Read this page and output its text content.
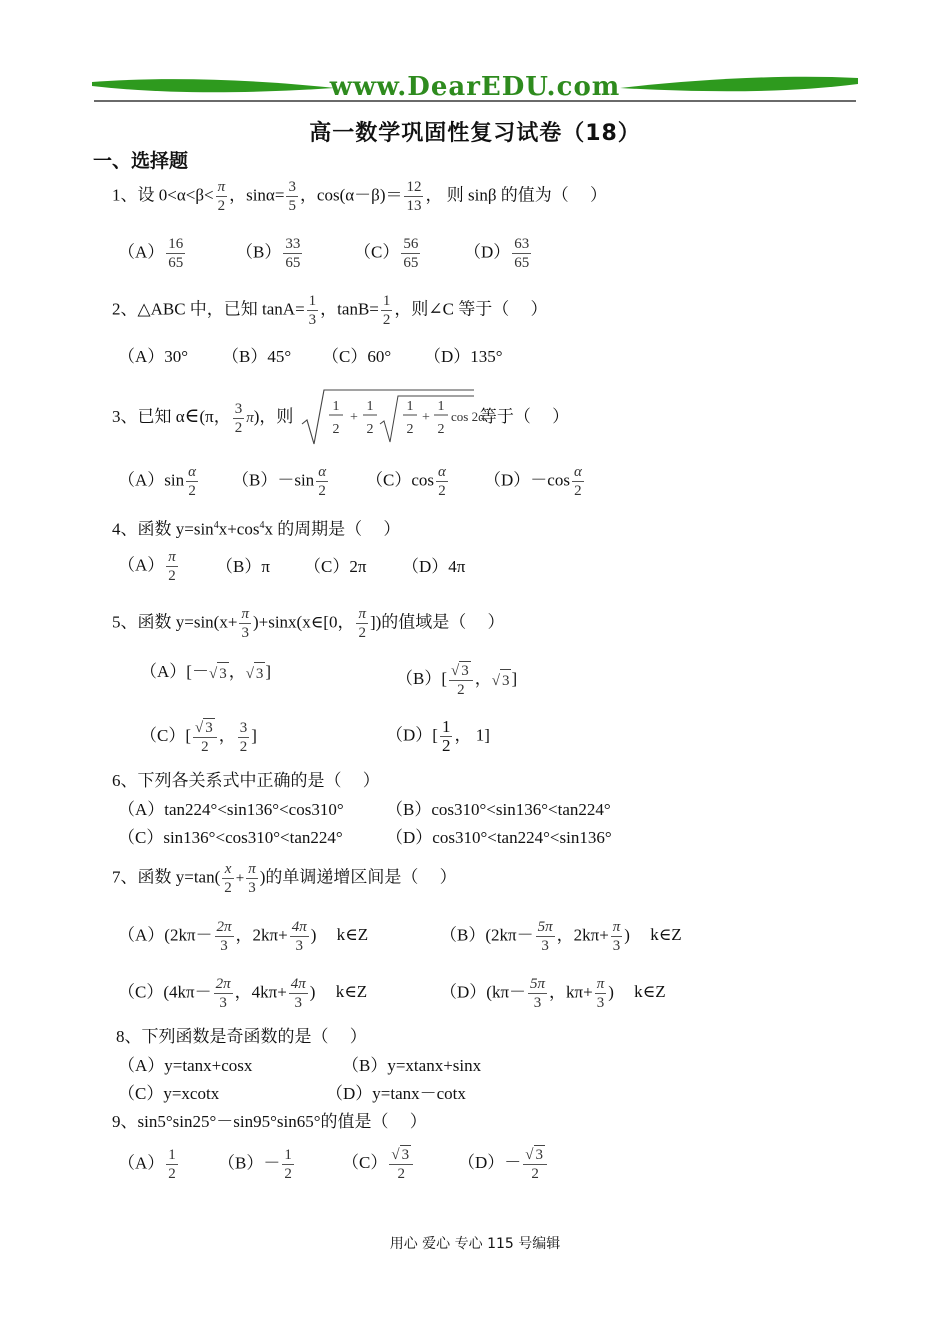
www.DearEDU.com
高一数学巩固性复习试卷（18）
一、选择题
1、设 $0<\alpha<\beta< \frac{\pi}{2}$ ，$\sin\alpha= \frac{3}{5}$ ，$\cos(\alpha-\beta)= \frac{12}{13}$ ， 则 sinβ 的值为（　 ）
$(A) \frac{16}{65}$	$(B) \frac{33}{65}$	$(C) \frac{56}{65}$	$(D) \frac{63}{65}$
2、△ABC 中，已知 $\tan A= \frac{1}{3}$ ，$\tan B= \frac{1}{2}$ ，则∠C 等于（　 ）
（A）30° （B）45° （C）60° （D）135°
3、已知 α∈(π， $\frac{3}{2} \pi$)，则
1
2
+
1
2
1
2
+
1
2
cos 2α
等于（　 ）
$(A)\sin \frac{\alpha}{2} (B)-\sin \frac{\alpha}{2} (C)\cos \frac{\alpha}{2} (D)-\cos \frac{\alpha}{2}$
4、函数 $y=\sin^4x+\cos^4x$ 的周期是（　 ）
$(A) \frac{\pi}{2} (B)\pi$ （C）2π （D）4π
5、函数 $y=\sin(x+ \frac{\pi}{3}$ )+sinx(x∈[0， $\frac{\pi}{2}$ ])的值域是（　 ）
（A）[－√ 3 ，√ 3 ]	$(B)[ \frac{√ 3}{2}$ ，√ 3 ]
$(C)[ \frac{√ 3}{2}$ ， $\frac{3}{2}$ ]	$(D)[ \frac{1}{2}$ ， 1]
6、下列各关系式中正确的是（　 ）
（A）tan224°<sin136°<cos310° （B）cos310°<sin136°<tan224°
（C）sin136°<cos310°<tan224°	（D）cos310°<tan224°<sin136°
7、函数 $y=\tan( \frac{x}{2} + \frac{\pi}{3}$ )的单调递增区间是（　 ）
$(A)(2k\pi- \frac{2\pi}{3}$ ，$2k\pi+ \frac{4\pi}{3}$ ) k∈Z	$(B)(2k\pi- \frac{5\pi}{3}$ ，$2k\pi+ \frac{\pi}{3}$ ) k∈Z
$(C)(4k\pi- \frac{2\pi}{3}$ ，$4k\pi+ \frac{4\pi}{3}$ ) k∈Z	$(D)(k\pi- \frac{5\pi}{3}$ ，$k\pi+ \frac{\pi}{3}$ ) k∈Z
8、下列函数是奇函数的是（　 ）
（A）y=tanx+cosx	（B）y=xtanx+sinx
（C）y=xcotx	（D）y=tanx－cotx
9、sin5°sin25°－sin95°sin65°的值是（　 ）
$(A) \frac{1}{2} (B)- \frac{1}{2}$	$(C) \frac{√ 3}{2}$	$(D)- \frac{√ 3}{2}$
用心 爱心 专心 115 号编辑
